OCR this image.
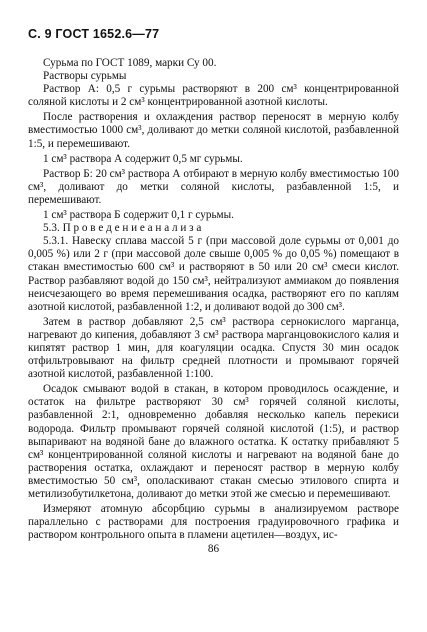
С. 9 ГОСТ 1652.6—77

Сурьма по ГОСТ 1089, марки Су 00.

Растворы сурьмы

Раствор А: 0,5 г сурьмы растворяют в 200 см³ концентрированной соляной кислоты и 2 см³ концентрированной азотной кислоты.

После растворения и охлаждения раствор переносят в мерную колбу вместимостью 1000 см³, доливают до метки соляной кислотой, разбавленной 1:5, и перемешивают.

1 см³ раствора А содержит 0,5 мг сурьмы.

Раствор Б: 20 см³ раствора А отбирают в мерную колбу вместимостью 100 см³, доливают до метки соляной кислоты, разбавленной 1:5, и перемешивают.

1 см³ раствора Б содержит 0,1 г сурьмы.

5.3. П р о в е д е н и е а н а л и з а

5.3.1. Навеску сплава массой 5 г (при массовой доле сурьмы от 0,001 до 0,005 %) или 2 г (при массовой доле свыше 0,005 % до 0,05 %) помещают в стакан вместимостью 600 см³ и растворяют в 50 или 20 см³ смеси кислот. Раствор разбавляют водой до 150 см³, нейтрализуют аммиаком до появления неисчезающего во время перемешивания осадка, растворяют его по каплям азотной кислотой, разбавленной 1:2, и доливают водой до 300 см³.

Затем в раствор добавляют 2,5 см³ раствора сернокислого марганца, нагревают до кипения, добавляют 3 см³ раствора марганцовокислого калия и кипятят раствор 1 мин, для коагуляции осадка. Спустя 30 мин осадок отфильтровывают на фильтр средней плотности и промывают горячей азотной кислотой, разбавленной 1:100.

Осадок смывают водой в стакан, в котором проводилось осаждение, и остаток на фильтре растворяют 30 см³ горячей соляной кислоты, разбавленной 2:1, одновременно добавляя несколько капель перекиси водорода. Фильтр промывают горячей соляной кислотой (1:5), и раствор выпаривают на водяной бане до влажного остатка. К остатку прибавляют 5 см³ концентрированной соляной кислоты и нагревают на водяной бане до растворения остатка, охлаждают и переносят раствор в мерную колбу вместимостью 50 см³, ополаскивают стакан смесью этилового спирта и метилизобутилкетона, доливают до метки этой же смесью и перемешивают.

Измеряют атомную абсорбцию сурьмы в анализируемом растворе параллельно с растворами для построения градуировочного графика и раствором контрольного опыта в пламени ацетилен—воздух, ис-

86
